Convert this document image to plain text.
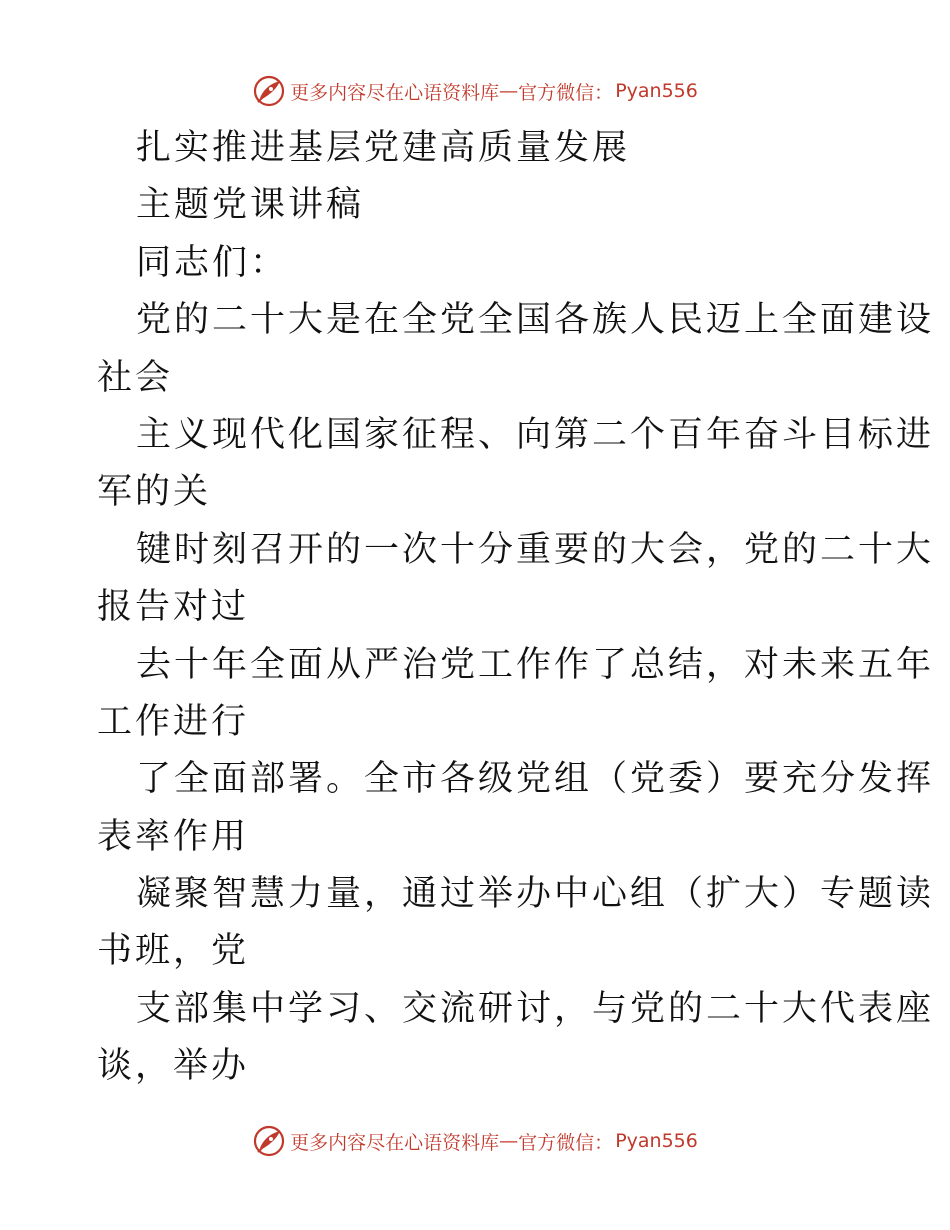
更多内容尽在心语资料库 — 官方微信： Pyan556
扎实推进基层党建高质量发展
主题党课讲稿
同志们：
党的二十大是在全党全国各族人民迈上全面建设
社会
主义现代化国家征程、向第二个百年奋斗目标进
军的关
键时刻召开的一次十分重要的大会，党的二十大
报告对过
去十年全面从严治党工作作了总结，对未来五年
工作进行
了全面部署。全市各级党组（党委）要充分发挥
表率作用
凝聚智慧力量，通过举办中心组（扩大）专题读
书班，党
支部集中学习、交流研讨，与党的二十大代表座
谈，举办
更多内容尽在心语资料库 — 官方微信： Pyan556
